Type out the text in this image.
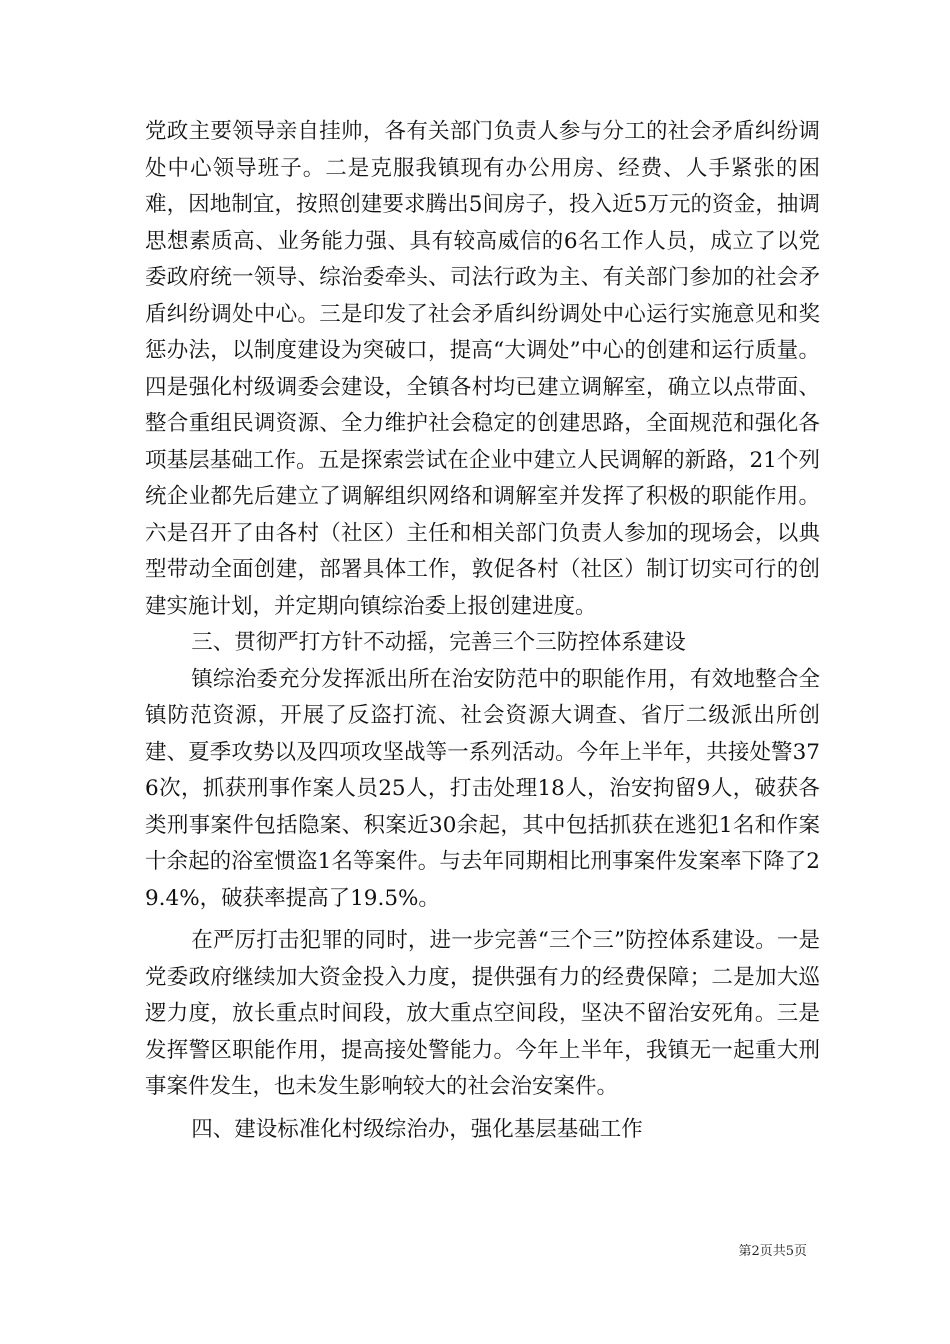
党政主要领导亲自挂帅，各有关部门负责人参与分工的社会矛盾纠纷调处中心领导班子。二是克服我镇现有办公用房、经费、人手紧张的困难，因地制宜，按照创建要求腾出5间房子，投入近5万元的资金，抽调思想素质高、业务能力强、具有较高威信的6名工作人员，成立了以党委政府统一领导、综治委牵头、司法行政为主、有关部门参加的社会矛盾纠纷调处中心。三是印发了社会矛盾纠纷调处中心运行实施意见和奖惩办法，以制度建设为突破口，提高“大调处”中心的创建和运行质量。四是强化村级调委会建设，全镇各村均已建立调解室，确立以点带面、整合重组民调资源、全力维护社会稳定的创建思路，全面规范和强化各项基层基础工作。五是探索尝试在企业中建立人民调解的新路，21个列统企业都先后建立了调解组织网络和调解室并发挥了积极的职能作用。六是召开了由各村（社区）主任和相关部门负责人参加的现场会，以典型带动全面创建，部署具体工作，敦促各村（社区）制订切实可行的创建实施计划，并定期向镇综治委上报创建进度。

三、贯彻严打方针不动摇，完善三个三防控体系建设

镇综治委充分发挥派出所在治安防范中的职能作用，有效地整合全镇防范资源，开展了反盗打流、社会资源大调查、省厅二级派出所创建、夏季攻势以及四项攻坚战等一系列活动。今年上半年，共接处警376次，抓获刑事作案人员25人，打击处理18人，治安拘留9人，破获各类刑事案件包括隐案、积案近30余起，其中包括抓获在逃犯1名和作案十余起的浴室惯盗1名等案件。与去年同期相比刑事案件发案率下降了29.4%，破获率提高了19.5%。

在严厉打击犯罪的同时，进一步完善“三个三”防控体系建设。一是党委政府继续加大资金投入力度，提供强有力的经费保障；二是加大巡逻力度，放长重点时间段，放大重点空间段，坚决不留治安死角。三是发挥警区职能作用，提高接处警能力。今年上半年，我镇无一起重大刑事案件发生，也未发生影响较大的社会治安案件。

四、建设标准化村级综治办，强化基层基础工作

第2页共5页
